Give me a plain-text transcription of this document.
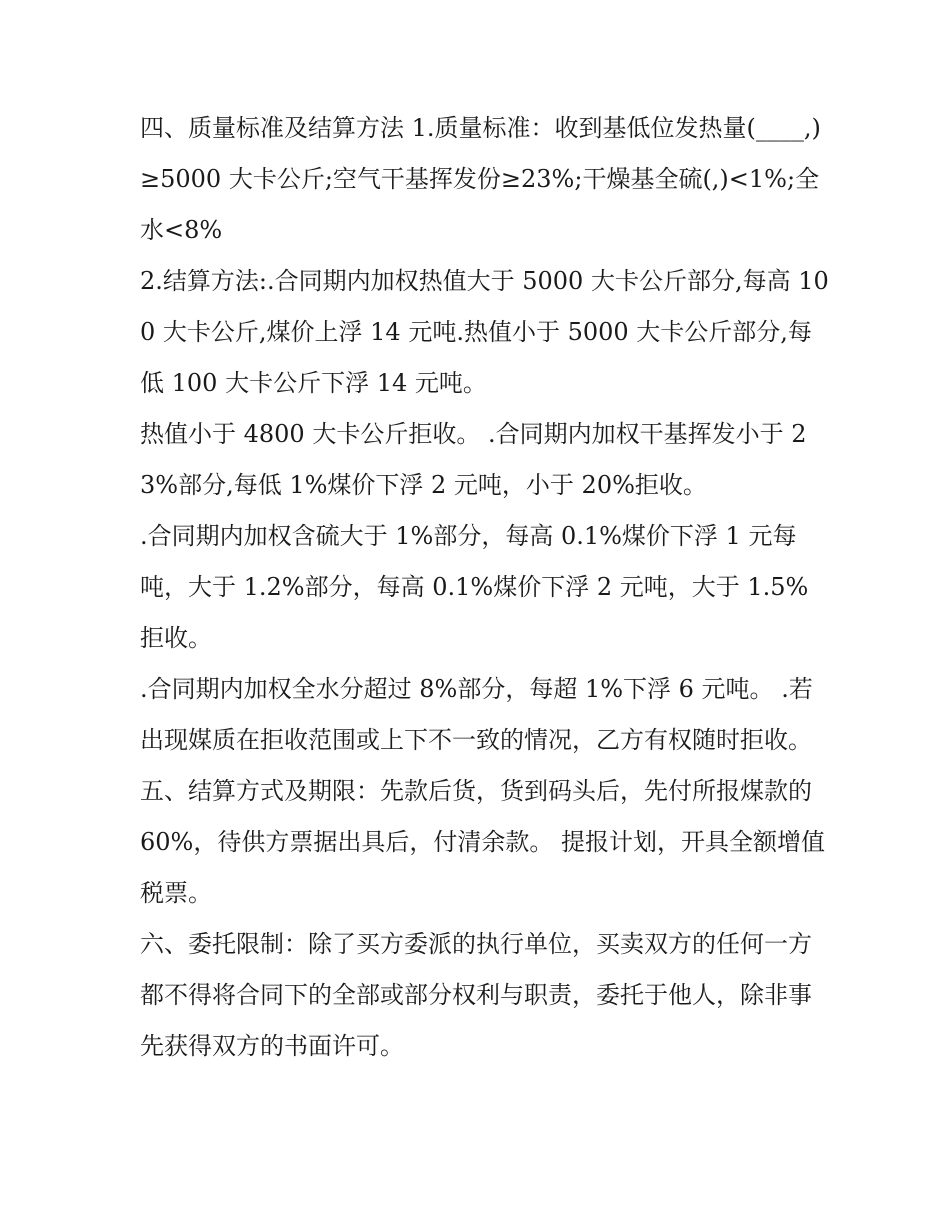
四、质量标准及结算方法 1.质量标准：收到基低位发热量(____,)≥5000 大卡公斤;空气干基挥发份≥23%;干燥基全硫(,)<1%;全水<8%

2.结算方法:.合同期内加权热值大于 5000 大卡公斤部分,每高 100 大卡公斤,煤价上浮 14 元吨.热值小于 5000 大卡公斤部分,每低 100 大卡公斤下浮 14 元吨。

热值小于 4800 大卡公斤拒收。 .合同期内加权干基挥发小于 23%部分,每低 1%煤价下浮 2 元吨，小于 20%拒收。

.合同期内加权含硫大于 1%部分，每高 0.1%煤价下浮 1 元每吨，大于 1.2%部分，每高 0.1%煤价下浮 2 元吨，大于 1.5%拒收。

.合同期内加权全水分超过 8%部分，每超 1%下浮 6 元吨。 .若出现媒质在拒收范围或上下不一致的情况，乙方有权随时拒收。

五、结算方式及期限：先款后货，货到码头后，先付所报煤款的 60%，待供方票据出具后，付清余款。 提报计划，开具全额增值税票。

六、委托限制：除了买方委派的执行单位，买卖双方的任何一方都不得将合同下的全部或部分权利与职责，委托于他人，除非事先获得双方的书面许可。
